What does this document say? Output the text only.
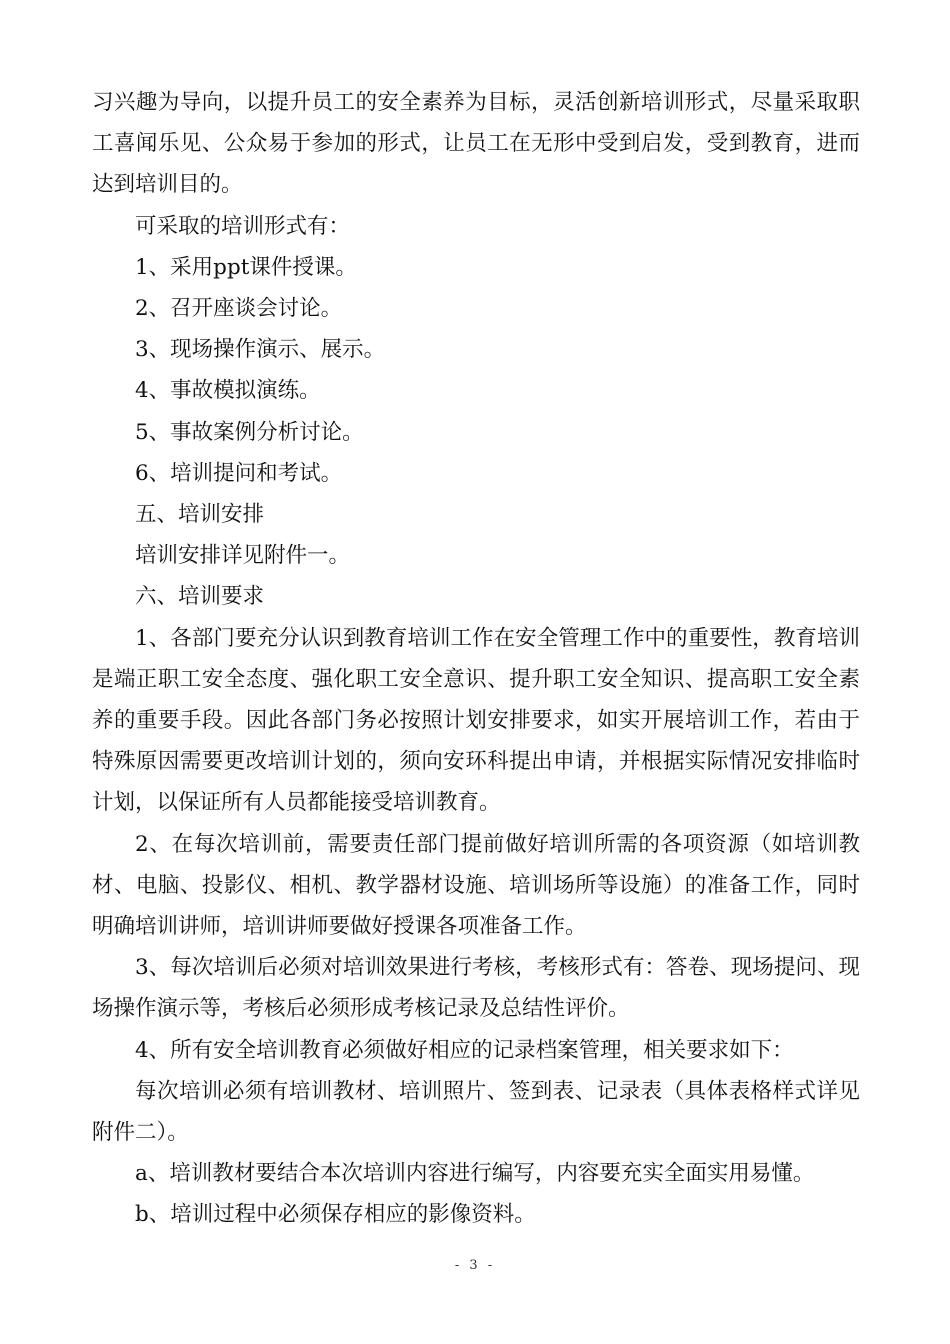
习兴趣为导向，以提升员工的安全素养为目标，灵活创新培训形式，尽量采取职工喜闻乐见、公众易于参加的形式，让员工在无形中受到启发，受到教育，进而达到培训目的。

可采取的培训形式有：

1、采用ppt课件授课。

2、召开座谈会讨论。

3、现场操作演示、展示。

4、事故模拟演练。

5、事故案例分析讨论。

6、培训提问和考试。

五、培训安排

培训安排详见附件一。

六、培训要求

1、各部门要充分认识到教育培训工作在安全管理工作中的重要性，教育培训是端正职工安全态度、强化职工安全意识、提升职工安全知识、提高职工安全素养的重要手段。因此各部门务必按照计划安排要求，如实开展培训工作，若由于特殊原因需要更改培训计划的，须向安环科提出申请，并根据实际情况安排临时计划，以保证所有人员都能接受培训教育。

2、在每次培训前，需要责任部门提前做好培训所需的各项资源（如培训教材、电脑、投影仪、相机、教学器材设施、培训场所等设施）的准备工作，同时明确培训讲师，培训讲师要做好授课各项准备工作。

3、每次培训后必须对培训效果进行考核，考核形式有：答卷、现场提问、现场操作演示等，考核后必须形成考核记录及总结性评价。

4、所有安全培训教育必须做好相应的记录档案管理，相关要求如下：

每次培训必须有培训教材、培训照片、签到表、记录表（具体表格样式详见附件二）。

a、培训教材要结合本次培训内容进行编写，内容要充实全面实用易懂。

b、培训过程中必须保存相应的影像资料。

- 3 -
